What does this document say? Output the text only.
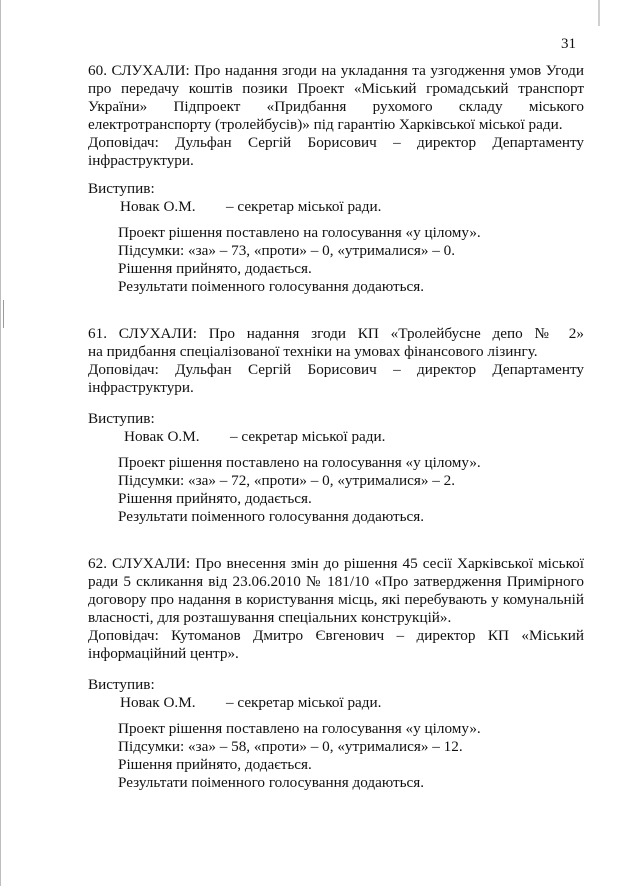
31

60. СЛУХАЛИ: Про надання згоди на укладання та узгодження умов Угоди

про передачу коштів позики Проект «Міський громадський транспорт

України» Підпроект «Придбання рухомого складу міського

електротранспорту (тролейбусів)» під гарантію Харківської міської ради.

Доповідач: Дульфан Сергій Борисович – директор Департаменту

інфраструктури.

Виступив:

Новак О.М. – секретар міської ради.

Проект рішення поставлено на голосування «у цілому».

Підсумки: «за» – 73, «проти» – 0, «утрималися» – 0.

Рішення прийнято, додається.

Результати поіменного голосування додаються.

61. СЛУХАЛИ: Про надання згоди КП «Тролейбусне депо № 2»

на придбання спеціалізованої техніки на умовах фінансового лізингу.

Доповідач: Дульфан Сергій Борисович – директор Департаменту

інфраструктури.

Виступив:

Новак О.М. – секретар міської ради.

Проект рішення поставлено на голосування «у цілому».

Підсумки: «за» – 72, «проти» – 0, «утрималися» – 2.

Рішення прийнято, додається.

Результати поіменного голосування додаються.

62. СЛУХАЛИ: Про внесення змін до рішення 45 сесії Харківської міської

ради 5 скликання від 23.06.2010 № 181/10 «Про затвердження Примірного

договору про надання в користування місць, які перебувають у комунальній

власності, для розташування спеціальних конструкцій».

Доповідач: Кутоманов Дмитро Євгенович – директор КП «Міський

інформаційний центр».

Виступив:

Новак О.М. – секретар міської ради.

Проект рішення поставлено на голосування «у цілому».

Підсумки: «за» – 58, «проти» – 0, «утрималися» – 12.

Рішення прийнято, додається.

Результати поіменного голосування додаються.
